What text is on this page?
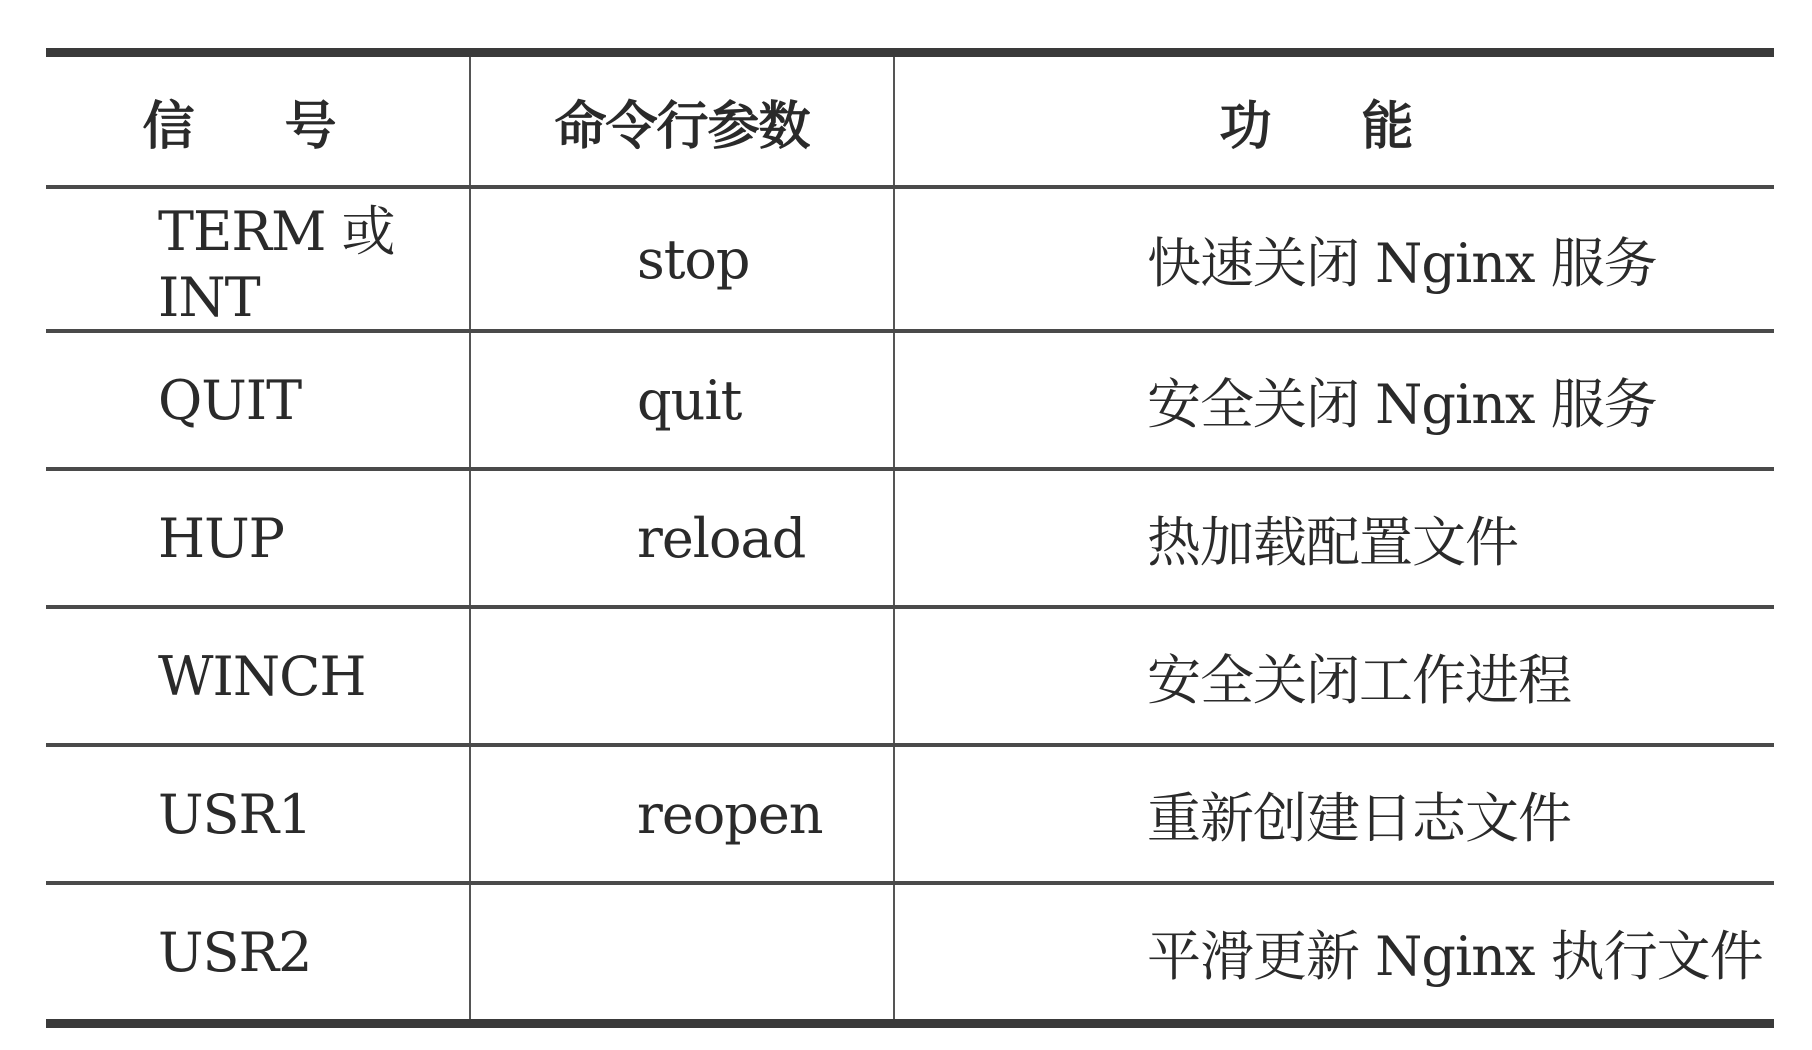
信 号	命令行参数	功 能
TERM 或 INT	stop	快速关闭 Nginx 服务
QUIT	quit	安全关闭 Nginx 服务
HUP	reload	热加载配置文件
WINCH		安全关闭工作进程
USR1	reopen	重新创建日志文件
USR2		平滑更新 Nginx 执行文件
